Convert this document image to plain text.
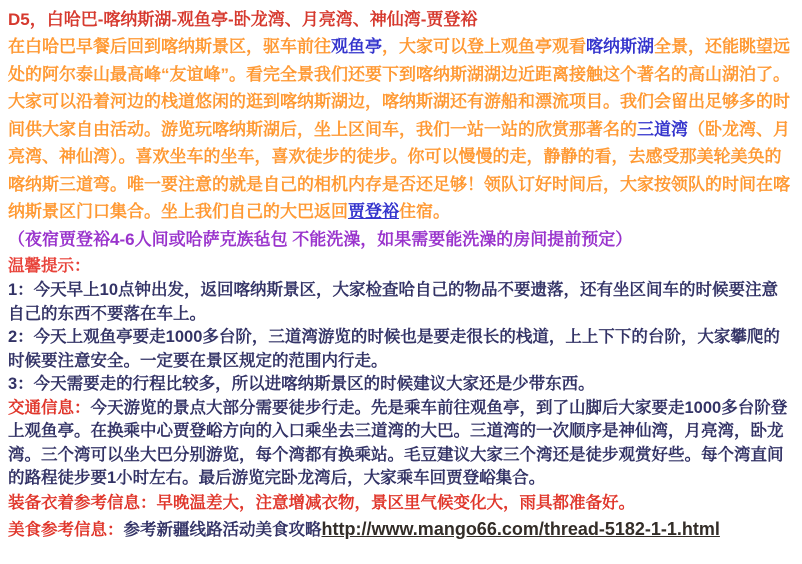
D5，白哈巴-喀纳斯湖-观鱼亭-卧龙湾、月亮湾、神仙湾-贾登裕

在白哈巴早餐后回到喀纳斯景区，驱车前往观鱼亭，大家可以登上观鱼亭观看喀纳斯湖全景，还能眺望远处的阿尔泰山最高峰“友谊峰”。看完全景我们还要下到喀纳斯湖湖边近距离接触这个著名的高山湖泊了。大家可以沿着河边的栈道悠闲的逛到喀纳斯湖边，喀纳斯湖还有游船和漂流项目。我们会留出足够多的时间供大家自由活动。游览玩喀纳斯湖后，坐上区间车，我们一站一站的欣赏那著名的三道湾（卧龙湾、月亮湾、神仙湾）。喜欢坐车的坐车，喜欢徒步的徒步。你可以慢慢的走，静静的看，去感受那美轮美奂的喀纳斯三道弯。唯一要注意的就是自己的相机内存是否还足够！领队订好时间后，大家按领队的时间在喀纳斯景区门口集合。坐上我们自己的大巴返回贾登裕住宿。

（夜宿贾登裕4-6人间或哈萨克族毡包 不能洗澡，如果需要能洗澡的房间提前预定）

温馨提示：

1：今天早上10点钟出发，返回喀纳斯景区，大家检查哈自己的物品不要遗落，还有坐区间车的时候要注意自己的东西不要落在车上。

2：今天上观鱼亭要走1000多台阶，三道湾游览的时候也是要走很长的栈道，上上下下的台阶，大家攀爬的时候要注意安全。一定要在景区规定的范围内行走。

3：今天需要走的行程比较多，所以进喀纳斯景区的时候建议大家还是少带东西。

交通信息：今天游览的景点大部分需要徒步行走。先是乘车前往观鱼亭，到了山脚后大家要走1000多台阶登上观鱼亭。在换乘中心贾登峪方向的入口乘坐去三道湾的大巴。三道湾的一次顺序是神仙湾，月亮湾，卧龙湾。三个湾可以坐大巴分别游览，每个湾都有换乘站。毛豆建议大家三个湾还是徒步观赏好些。每个湾直间的路程徒步要1小时左右。最后游览完卧龙湾后，大家乘车回贾登峪集合。

装备衣着参考信息：早晚温差大，注意增减衣物，景区里气候变化大，雨具都准备好。

美食参考信息：参考新疆线路活动美食攻略http://www.mango66.com/thread-5182-1-1.html
